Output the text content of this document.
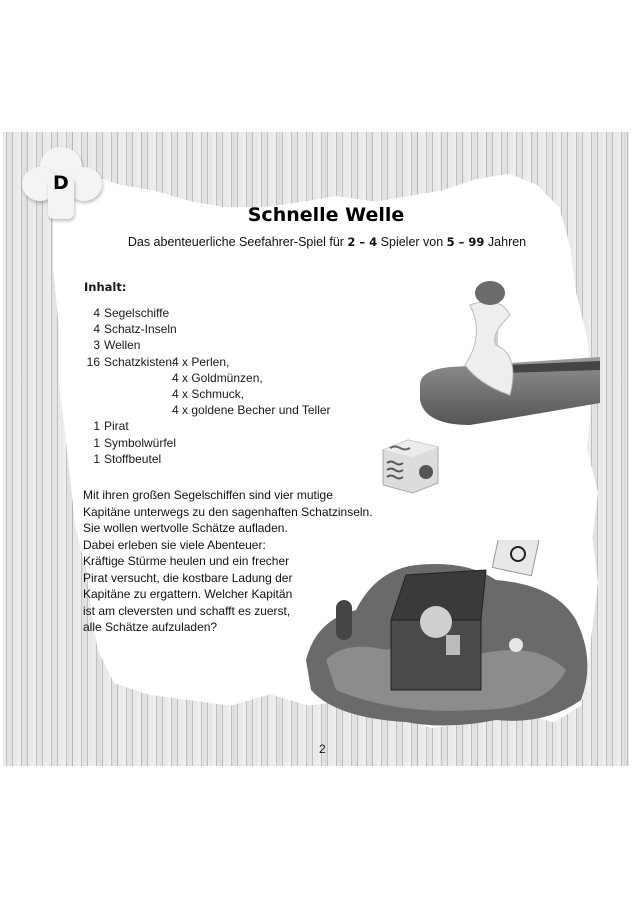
D
Schnelle Welle
Das abenteuerliche Seefahrer-Spiel für 2 – 4 Spieler von 5 – 99 Jahren
Inhalt:
4 Segelschiffe
4 Schatz-Inseln
3 Wellen
16 Schatzkisten:
4 x Perlen,
4 x Goldmünzen,
4 x Schmuck,
4 x goldene Becher und Teller
1 Pirat
1 Symbolwürfel
1 Stoffbeutel
Mit ihren großen Segelschiffen sind vier mutige
Kapitäne unterwegs zu den sagenhaften Schatzinseln.
Sie wollen wertvolle Schätze aufladen.
Dabei erleben sie viele Abenteuer:
Kräftige Stürme heulen und ein frecher
Pirat versucht, die kostbare Ladung der
Kapitäne zu ergattern. Welcher Kapitän
ist am cleversten und schafft es zuerst,
alle Schätze aufzuladen?
2
